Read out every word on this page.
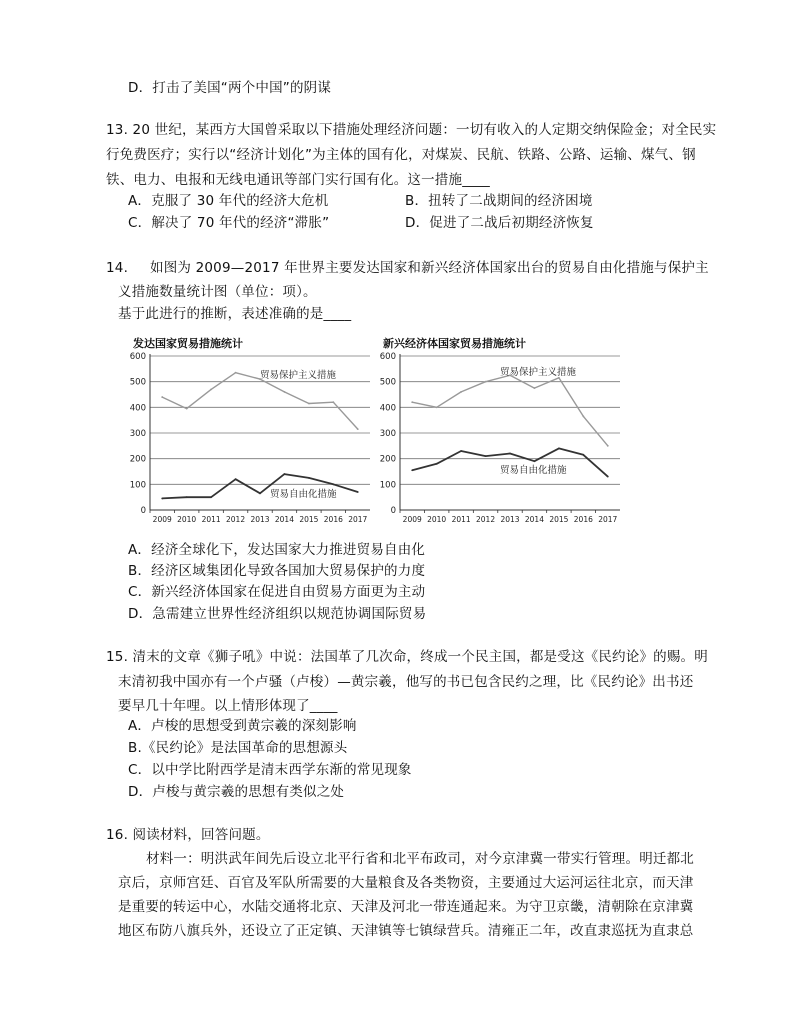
D．打击了美国“两个中国”的阴谋
13. 20 世纪，某西方大国曾采取以下措施处理经济问题：一切有收入的人定期交纳保险金；对全民实
行免费医疗；实行以“经济计划化”为主体的国有化，对煤炭、民航、铁路、公路、运输、煤气、钢
铁、电力、电报和无线电通讯等部门实行国有化。这一措施____
A．克服了 30 年代的经济大危机	B．扭转了二战期间的经济困境
C．解决了 70 年代的经济“滞胀”	D．促进了二战后初期经济恢复
14. 如图为 2009—2017 年世界主要发达国家和新兴经济体国家出台的贸易自由化措施与保护主
义措施数量统计图（单位：项）。
基于此进行的推断，表述准确的是____
发达国家贸易措施统计	新兴经济体国家贸易措施统计
0
100
200
300
400
500
600
2009 2010 2011 2012 2013 2014 2015 2016 2017
贸易保护主义措施
贸易自由化措施
0
100
200
300
400
500
600
2009 2010 2011 2012 2013 2014 2015 2016 2017
贸易保护主义措施
贸易自由化措施
A．经济全球化下，发达国家大力推进贸易自由化
B．经济区域集团化导致各国加大贸易保护的力度
C．新兴经济体国家在促进自由贸易方面更为主动
D．急需建立世界性经济组织以规范协调国际贸易
15. 清末的文章《狮子吼》中说：法国革了几次命，终成一个民主国，都是受这《民约论》的赐。明
末清初我中国亦有一个卢骚（卢梭）—黄宗羲，他写的书已包含民约之理，比《民约论》出书还
要早几十年哩。以上情形体现了____
A．卢梭的思想受到黄宗羲的深刻影响
B.《民约论》是法国革命的思想源头
C．以中学比附西学是清末西学东渐的常见现象
D．卢梭与黄宗羲的思想有类似之处
16. 阅读材料，回答问题。
材料一：明洪武年间先后设立北平行省和北平布政司，对今京津冀一带实行管理。明迁都北
京后，京师宫廷、百官及军队所需要的大量粮食及各类物资，主要通过大运河运往北京，而天津
是重要的转运中心，水陆交通将北京、天津及河北一带连通起来。为守卫京畿，清朝除在京津冀
地区布防八旗兵外，还设立了正定镇、天津镇等七镇绿营兵。清雍正二年，改直隶巡抚为直隶总
